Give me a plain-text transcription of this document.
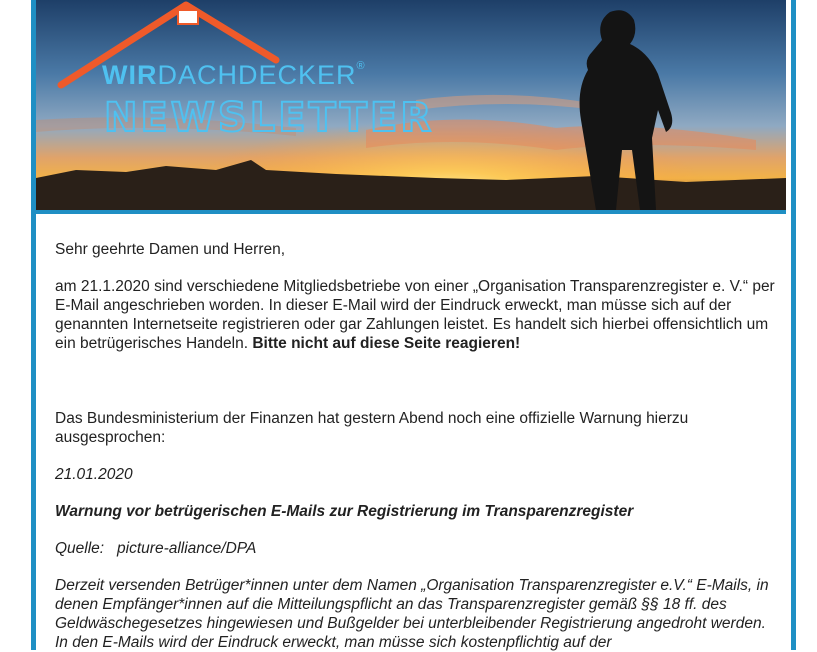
WIRDACHDECKER®
NEWSLETTER

Sehr geehrte Damen und Herren,

am 21.1.2020 sind verschiedene Mitgliedsbetriebe von einer „Organisation Transparenzregister e. V.“ per E-Mail angeschrieben worden. In dieser E-Mail wird der Eindruck erweckt, man müsse sich auf der genannten Internetseite registrieren oder gar Zahlungen leistet. Es handelt sich hierbei offensichtlich um ein betrügerisches Handeln. Bitte nicht auf diese Seite reagieren!

Das Bundesministerium der Finanzen hat gestern Abend noch eine offizielle Warnung hierzu ausgesprochen:

21.01.2020

Warnung vor betrügerischen E-Mails zur Registrierung im Transparenzregister

Quelle: picture-alliance/DPA

Derzeit versenden Betrüger*innen unter dem Namen „Organisation Transparenzregister e.V.“ E-Mails, in denen Empfänger*innen auf die Mitteilungspflicht an das Transparenzregister gemäß §§ 18 ff. des Geldwäschegesetzes hingewiesen und Bußgelder bei unterbleibender Registrierung angedroht werden. In den E-Mails wird der Eindruck erweckt, man müsse sich kostenpflichtig auf der
